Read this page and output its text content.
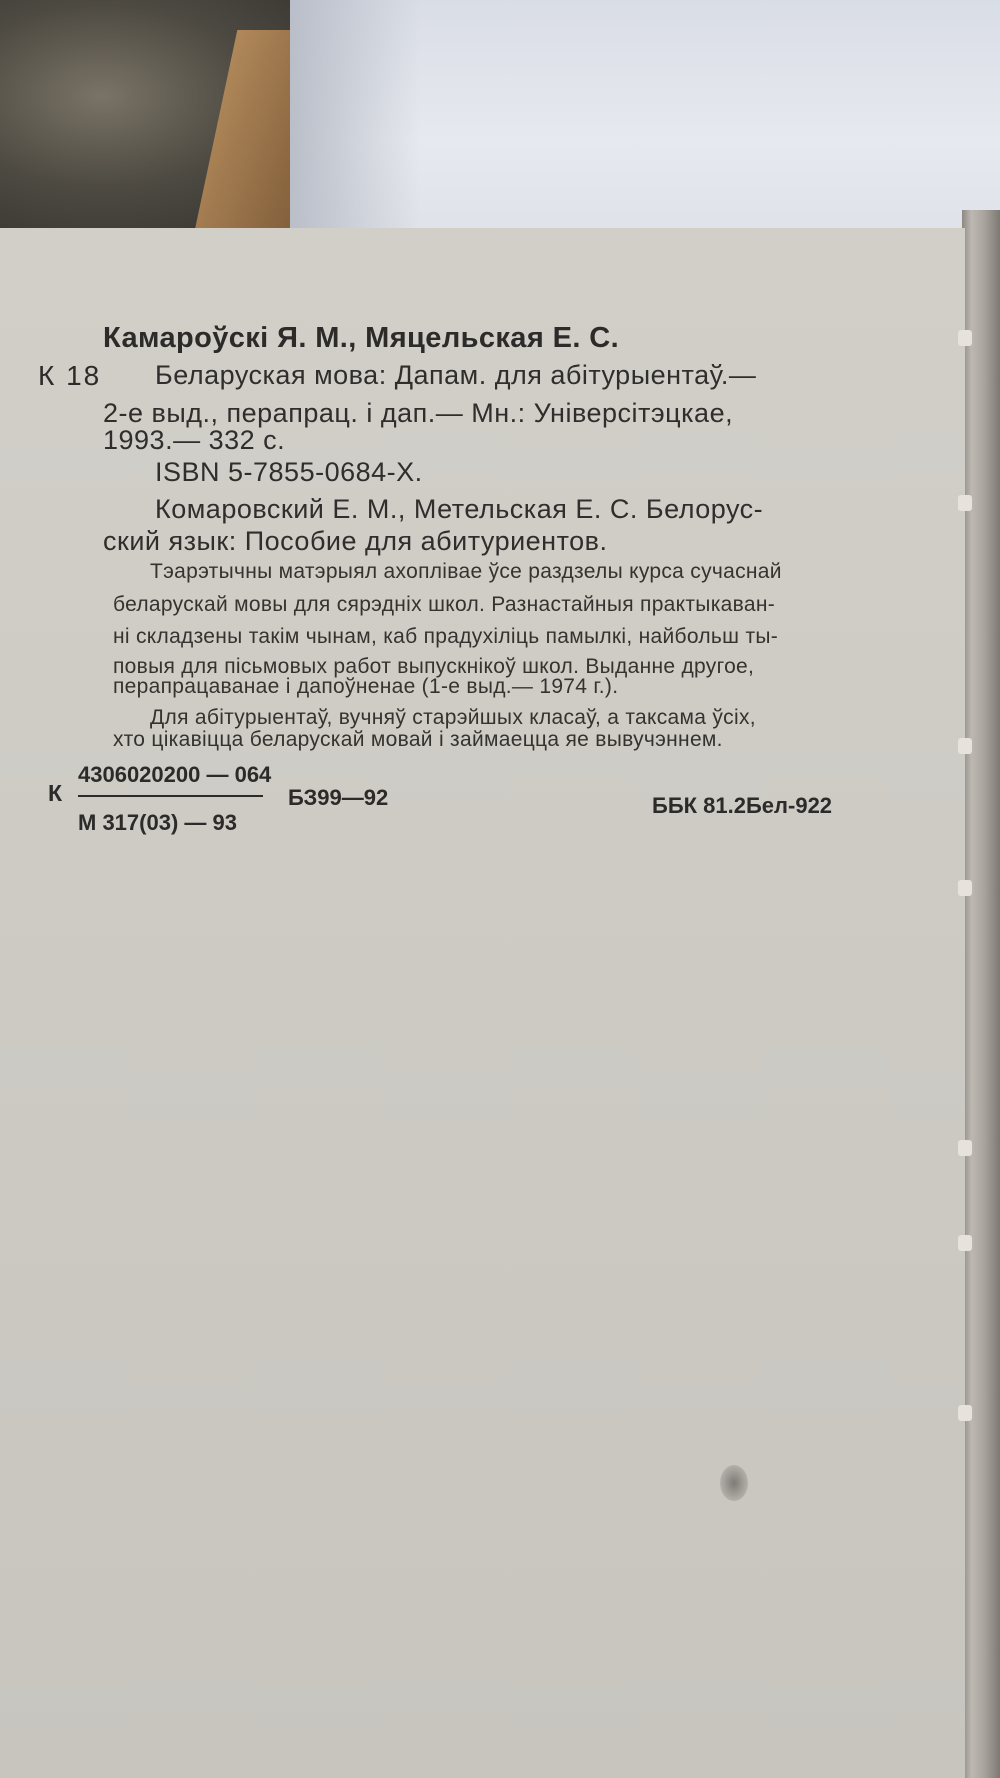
Камароўскі Я. М., Мяцельская Е. С.
К 18 Беларуская мова: Дапам. для абітурыентаў.—
2-е выд., перапрац. і дап.— Мн.: Універсітэцкае,
1993.— 332 с.
ISBN 5-7855-0684-Х.
Комаровский Е. М., Метельская Е. С. Белорус-
ский язык: Пособие для абитуриентов.
Тэарэтычны матэрыял ахоплівае ўсе раздзелы курса сучаснай
беларускай мовы для сярэдніх школ. Разнастайныя практыкаван-
ні складзены такім чынам, каб прадухіліць памылкі, найбольш ты-
повыя для пісьмовых работ выпускнікоў школ. Выданне другое,
перапрацаванае і дапоўненае (1-е выд.— 1974 г.).
Для абітурыентаў, вучняў старэйшых класаў, а таксама ўсіх,
хто цікавіцца беларускай мовай і займаецца яе вывучэннем.
К
4306020200 — 064
М 317(03) — 93
БЗ99—92	ББК 81.2Бел-922
